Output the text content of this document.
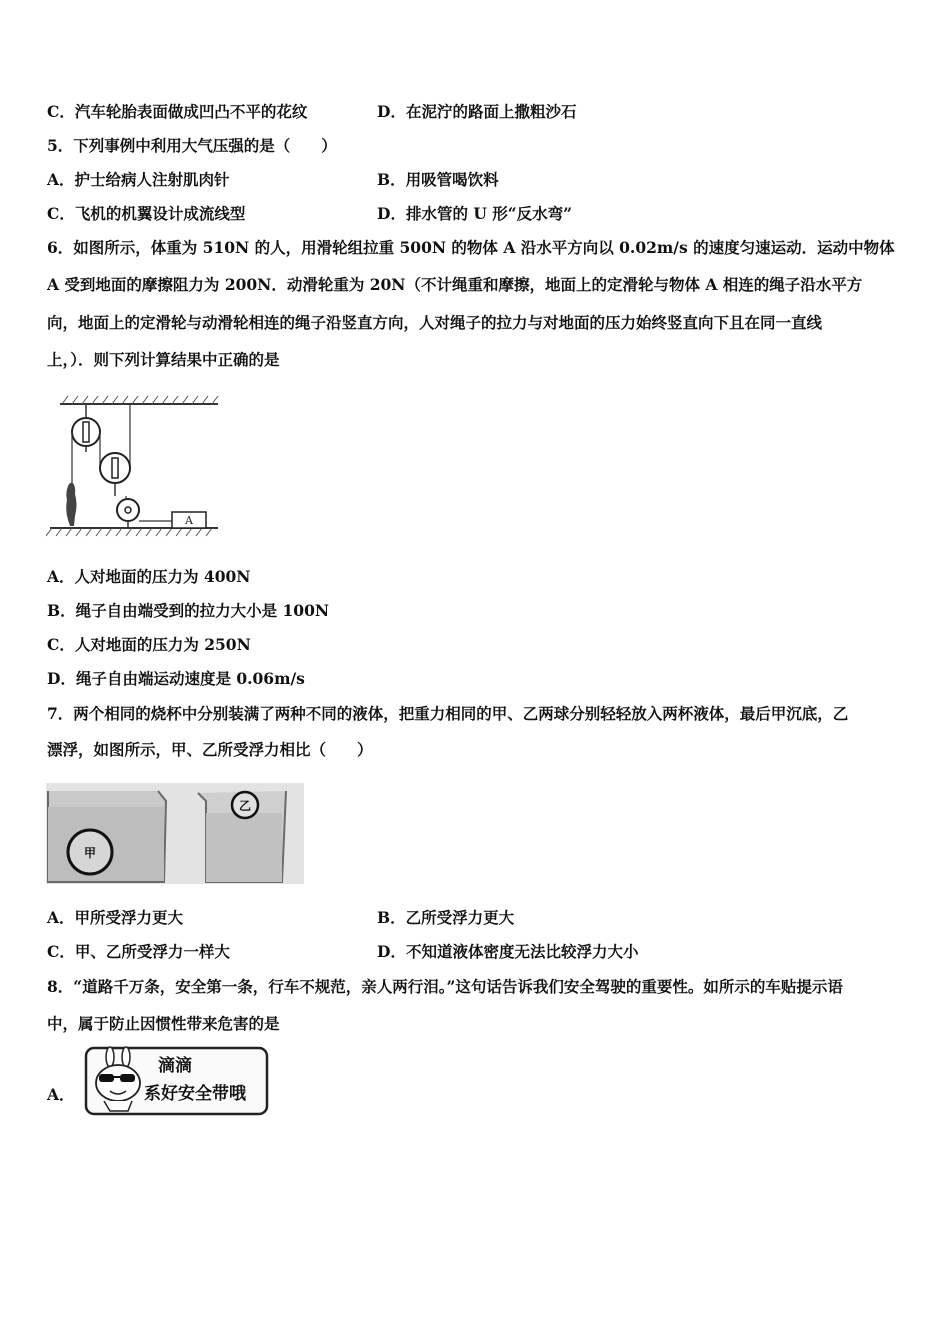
C．汽车轮胎表面做成凹凸不平的花纹	D．在泥泞的路面上撒粗沙石
5．下列事例中利用大气压强的是（　　）
A．护士给病人注射肌肉针	B．用吸管喝饮料
C．飞机的机翼设计成流线型	D．排水管的 U 形“反水弯”
6．如图所示，体重为 510N 的人，用滑轮组拉重 500N 的物体 A 沿水平方向以 0.02m/s 的速度匀速运动．运动中物体
A 受到地面的摩擦阻力为 200N．动滑轮重为 20N（不计绳重和摩擦，地面上的定滑轮与物体 A 相连的绳子沿水平方
向，地面上的定滑轮与动滑轮相连的绳子沿竖直方向，人对绳子的拉力与对地面的压力始终竖直向下且在同一直线
上，）．则下列计算结果中正确的是
A
A．人对地面的压力为 400N
B．绳子自由端受到的拉力大小是 100N
C．人对地面的压力为 250N
D．绳子自由端运动速度是 0.06m/s
7．两个相同的烧杯中分别装满了两种不同的液体，把重力相同的甲、乙两球分别轻轻放入两杯液体，最后甲沉底，乙
漂浮，如图所示，甲、乙所受浮力相比（　　）
甲
乙
A．甲所受浮力更大	B．乙所受浮力更大
C．甲、乙所受浮力一样大	D．不知道液体密度无法比较浮力大小
8．“道路千万条，安全第一条，行车不规范，亲人两行泪。”这句话告诉我们安全驾驶的重要性。如所示的车贴提示语
中，属于防止因惯性带来危害的是
A．
滴滴
系好安全带哦
